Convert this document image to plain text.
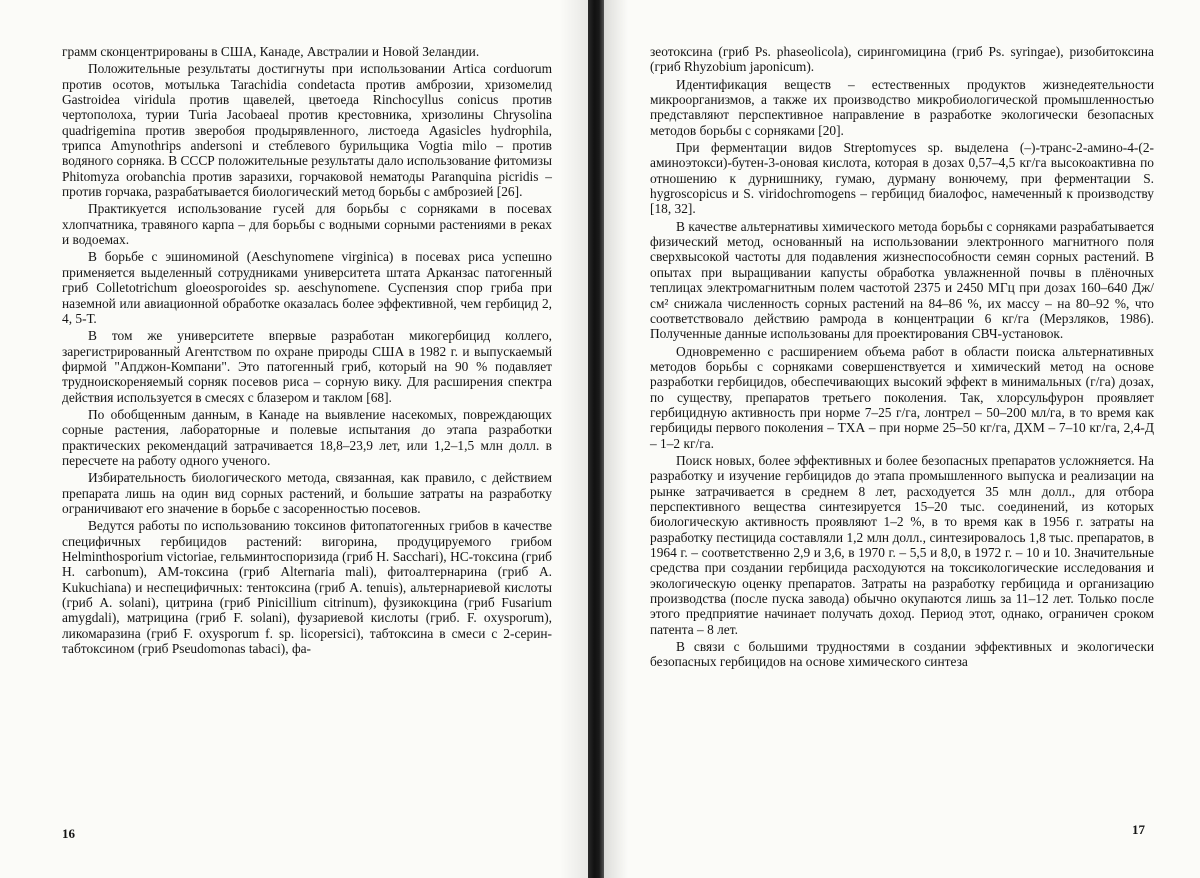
грамм сконцентрированы в США, Канаде, Австралии и Новой Зеландии.

Положительные результаты достигнуты при использовании Artica corduorum против осотов, мотылька Tarachidia condetacta против амброзии, хризомелид Gastroidea viridula против щавелей, цветоеда Rinchocyllus conicus против чертополоха, турии Turia Jacobaeal против крестовника, хризолины Chrysolina quadrigemina против зверобоя продырявленного, листоеда Agasicles hydrophila, трипса Amynothrips andersoni и стеблевого бурильщика Vogtia milo – против водяного сорняка. В СССР положительные результаты дало использование фитомизы Phitomyza orobanchia против заразихи, горчаковой нематоды Paranquina picridis – против горчака, разрабатывается биологический метод борьбы с амброзией [26].

Практикуется использование гусей для борьбы с сорняками в посевах хлопчатника, травяного карпа – для борьбы с водными сорными растениями в реках и водоемах.

В борьбе с эшиноминой (Aeschynomene virginica) в посевах риса успешно применяется выделенный сотрудниками университета штата Арканзас патогенный гриб Colletotrichum gloeosporoides sp. aeschynomene. Суспензия спор гриба при наземной или авиационной обработке оказалась более эффективной, чем гербицид 2, 4, 5-Т.

В том же университете впервые разработан микогербицид коллего, зарегистрированный Агентством по охране природы США в 1982 г. и выпускаемый фирмой "Апджон-Компани". Это патогенный гриб, который на 90 % подавляет трудноискореняемый сорняк посевов риса – сорную вику. Для расширения спектра действия используется в смесях с блазером и таклом [68].

По обобщенным данным, в Канаде на выявление насекомых, повреждающих сорные растения, лабораторные и полевые испытания до этапа разработки практических рекомендаций затрачивается 18,8–23,9 лет, или 1,2–1,5 млн долл. в пересчете на работу одного ученого.

Избирательность биологического метода, связанная, как правило, с действием препарата лишь на один вид сорных растений, и большие затраты на разработку ограничивают его значение в борьбе с засоренностью посевов.

Ведутся работы по использованию токсинов фитопатогенных грибов в качестве специфичных гербицидов растений: вигорина, продуцируемого грибом Helminthosporium victoriae, гельминтоспоризида (гриб H. Sacchari), НС-токсина (гриб H. carbonum), АМ-токсина (гриб Alternaria mali), фитоалтернарина (гриб A. Kukuchiana) и неспецифичных: тентоксина (гриб A. tenuis), альтернариевой кислоты (гриб A. solani), цитрина (гриб Pinicillium citrinum), фузикокцина (гриб Fusarium amygdali), матрицина (гриб F. solani), фузариевой кислоты (гриб. F. oxysporum), ликомаразина (гриб F. oxysporum f. sp. licopersici), табтоксина в смеси с 2-серин-табтоксином (гриб Pseudomonas tabaci), фа-

16

зеотоксина (гриб Ps. phaseolicola), сирингомицина (гриб Ps. syringae), ризобитоксина (гриб Rhyzobium japonicum).

Идентификация веществ – естественных продуктов жизнедеятельности микроорганизмов, а также их производство микробиологической промышленностью представляют перспективное направление в разработке экологически безопасных методов борьбы с сорняками [20].

При ферментации видов Streptomyces sp. выделена (–)-транс-2-амино-4-(2-аминоэтокси)-бутен-3-оновая кислота, которая в дозах 0,57–4,5 кг/га высокоактивна по отношению к дурнишнику, гумаю, дурману вонючему, при ферментации S. hygroscopicus и S. viridochromogens – гербицид биалофос, намеченный к производству [18, 32].

В качестве альтернативы химического метода борьбы с сорняками разрабатывается физический метод, основанный на использовании электронного магнитного поля сверхвысокой частоты для подавления жизнеспособности семян сорных растений. В опытах при выращивании капусты обработка увлажненной почвы в плёночных теплицах электромагнитным полем частотой 2375 и 2450 МГц при дозах 160–640 Дж/см² снижала численность сорных растений на 84–86 %, их массу – на 80–92 %, что соответствовало действию рамрода в концентрации 6 кг/га (Мерзляков, 1986). Полученные данные использованы для проектирования СВЧ-установок.

Одновременно с расширением объема работ в области поиска альтернативных методов борьбы с сорняками совершенствуется и химический метод на основе разработки гербицидов, обеспечивающих высокий эффект в минимальных (г/га) дозах, по существу, препаратов третьего поколения. Так, хлорсульфурон проявляет гербицидную активность при норме 7–25 г/га, лонтрел – 50–200 мл/га, в то время как гербициды первого поколения – ТХА – при норме 25–50 кг/га, ДХМ – 7–10 кг/га, 2,4-Д – 1–2 кг/га.

Поиск новых, более эффективных и более безопасных препаратов усложняется. На разработку и изучение гербицидов до этапа промышленного выпуска и реализации на рынке затрачивается в среднем 8 лет, расходуется 35 млн долл., для отбора перспективного вещества синтезируется 15–20 тыс. соединений, из которых биологическую активность проявляют 1–2 %, в то время как в 1956 г. затраты на разработку пестицида составляли 1,2 млн долл., синтезировалось 1,8 тыс. препаратов, в 1964 г. – соответственно 2,9 и 3,6, в 1970 г. – 5,5 и 8,0, в 1972 г. – 10 и 10. Значительные средства при создании гербицида расходуются на токсикологические исследования и экологическую оценку препаратов. Затраты на разработку гербицида и организацию производства (после пуска завода) обычно окупаются лишь за 11–12 лет. Только после этого предприятие начинает получать доход. Период этот, однако, ограничен сроком патента – 8 лет.

В связи с большими трудностями в создании эффективных и экологически безопасных гербицидов на основе химического синтеза

17
